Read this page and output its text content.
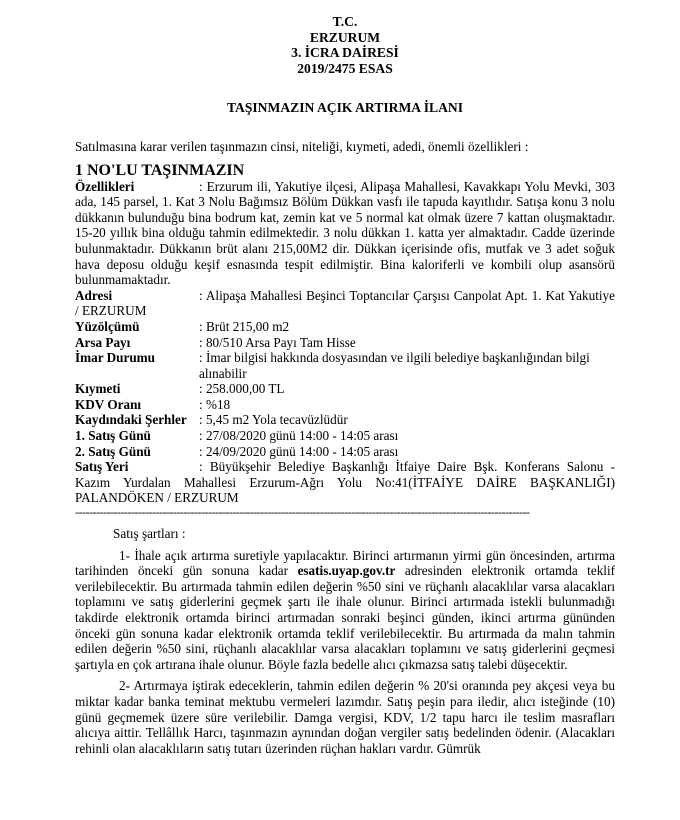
T.C.
ERZURUM
3. İCRA DAİRESİ
2019/2475 ESAS
TAŞINMAZIN AÇIK ARTIRMA İLANI
Satılmasına karar verilen taşınmazın cinsi, niteliği, kıymeti, adedi, önemli özellikleri :
1 NO'LU TAŞINMAZIN
Özellikleri	: Erzurum ili, Yakutiye ilçesi, Alipaşa Mahallesi, Kavakkapı Yolu Mevki, 303 ada, 145 parsel, 1. Kat 3 Nolu Bağımsız Bölüm Dükkan vasfı ile tapuda kayıtlıdır. Satışa konu 3 nolu dükkanın bulunduğu bina bodrum kat, zemin kat ve 5 normal kat olmak üzere 7 kattan oluşmaktadır. 15-20 yıllık bina olduğu tahmin edilmektedir. 3 nolu dükkan 1. katta yer almaktadır. Cadde üzerinde bulunmaktadır. Dükkanın brüt alanı 215,00M2 dir. Dükkan içerisinde ofis, mutfak ve 3 adet soğuk hava deposu olduğu keşif esnasında tespit edilmiştir. Bina kaloriferli ve kombili olup asansörü bulunmamaktadır.
Adresi	: Alipaşa Mahallesi Beşinci Toptancılar Çarşısı Canpolat Apt. 1. Kat Yakutiye / ERZURUM
Yüzölçümü	: Brüt 215,00 m2
Arsa Payı	: 80/510 Arsa Payı Tam Hisse
İmar Durumu	: İmar bilgisi hakkında dosyasından ve ilgili belediye başkanlığından bilgi alınabilir
Kıymeti	: 258.000,00 TL
KDV Oranı	: %18
Kaydındaki Şerhler : 5,45 m2 Yola tecavüzlüdür
1. Satış Günü	: 27/08/2020 günü 14:00 - 14:05 arası
2. Satış Günü	: 24/09/2020 günü 14:00 - 14:05 arası
Satış Yeri	: Büyükşehir Belediye Başkanlığı İtfaiye Daire Bşk. Konferans Salonu - Kazım Yurdalan Mahallesi Erzurum-Ağrı Yolu No:41(İTFAİYE DAİRE BAŞKANLIĞI) PALANDÖKEN / ERZURUM
----------------------------------------------------------------------------------------------------------------------------------
Satış şartları :
1- İhale açık artırma suretiyle yapılacaktır. Birinci artırmanın yirmi gün öncesinden, artırma tarihinden önceki gün sonuna kadar esatis.uyap.gov.tr adresinden elektronik ortamda teklif verilebilecektir. Bu artırmada tahmin edilen değerin %50 sini ve rüçhanlı alacaklılar varsa alacakları toplamını ve satış giderlerini geçmek şartı ile ihale olunur. Birinci artırmada istekli bulunmadığı takdirde elektronik ortamda birinci artırmadan sonraki beşinci günden, ikinci artırma gününden önceki gün sonuna kadar elektronik ortamda teklif verilebilecektir. Bu artırmada da malın tahmin edilen değerin %50 sini, rüçhanlı alacaklılar varsa alacakları toplamını ve satış giderlerini geçmesi şartıyla en çok artırana ihale olunur. Böyle fazla bedelle alıcı çıkmazsa satış talebi düşecektir.
2- Artırmaya iştirak edeceklerin, tahmin edilen değerin % 20'si oranında pey akçesi veya bu miktar kadar banka teminat mektubu vermeleri lazımdır. Satış peşin para iledir, alıcı isteğinde (10) günü geçmemek üzere süre verilebilir. Damga vergisi, KDV, 1/2 tapu harcı ile teslim masrafları alıcıya aittir. Tellâllık Harcı, taşınmazın aynından doğan vergiler satış bedelinden ödenir. (Alacakları rehinli olan alacaklıların satış tutarı üzerinden rüçhan hakları vardır. Gümrük
